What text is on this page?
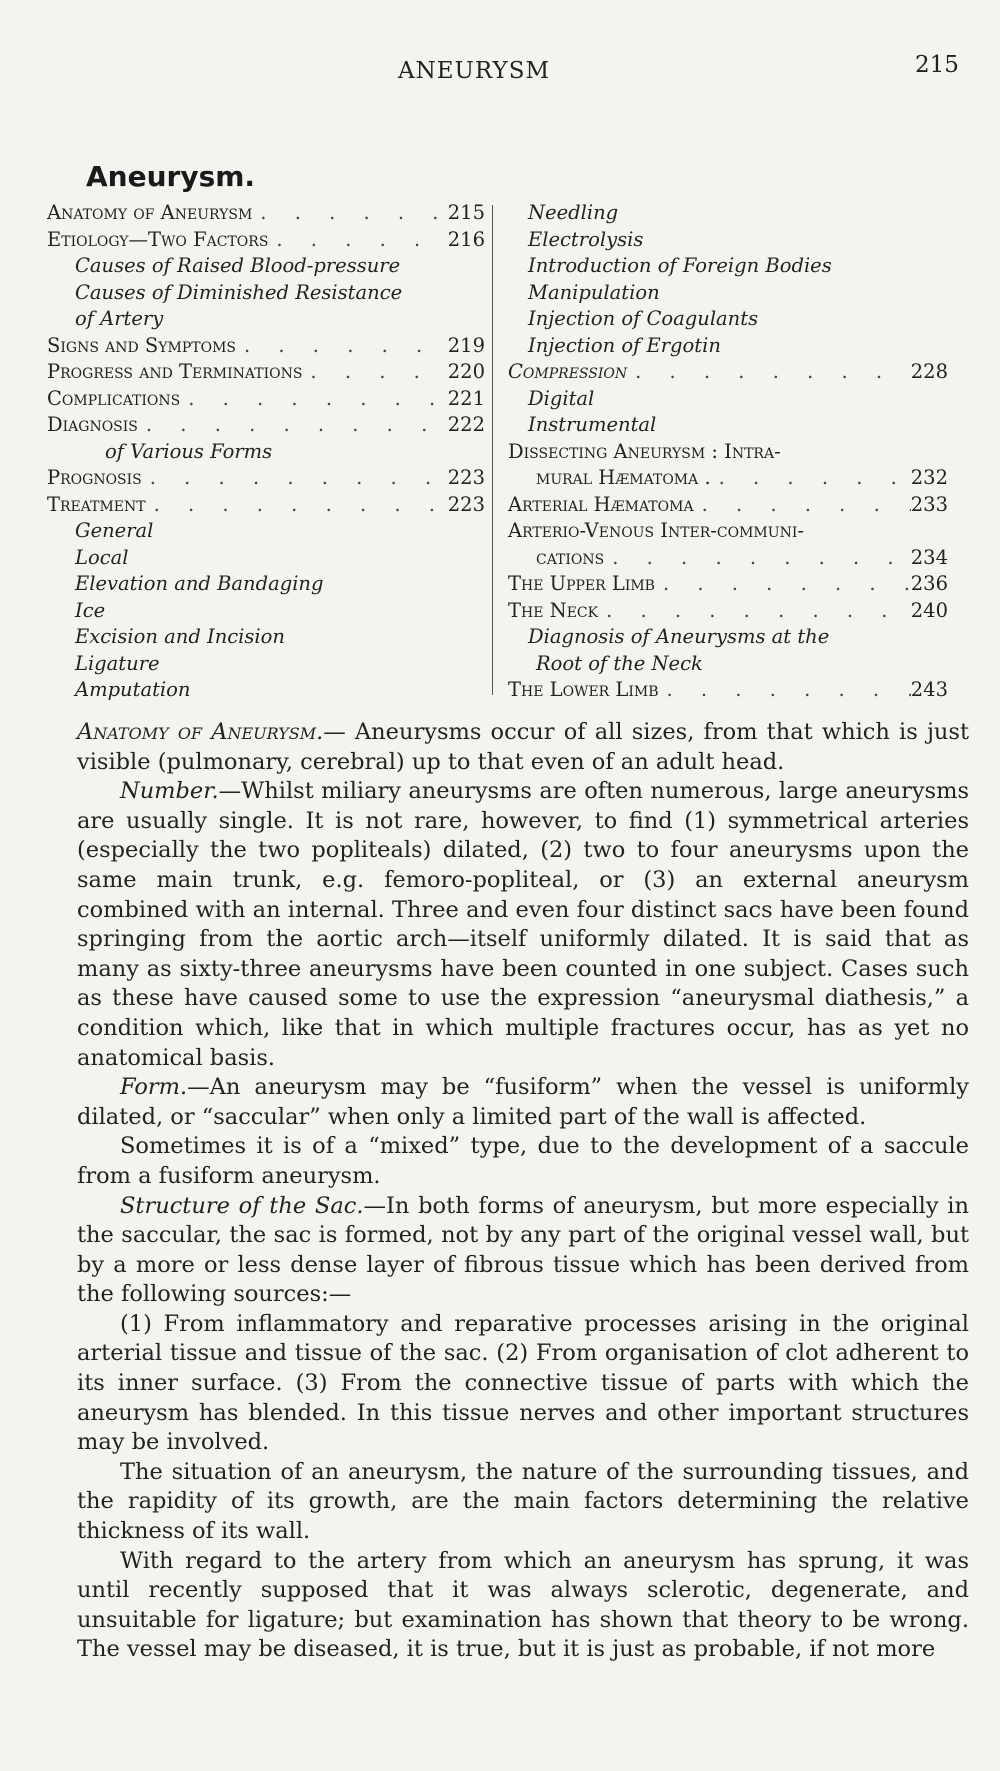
ANEURYSM	215
Aneurysm.
Anatomy of Aneurysm . . .	215
Etiology—Two Factors . . .	216
Causes of Raised Blood-pressure
Causes of Diminished Resistance
of Artery
Signs and Symptoms . . .	219
Progress and Terminations . . .	220
Complications . . .	221
Diagnosis . . .	222
of Various Forms
Prognosis . . .	223
Treatment . . .	223
General
Local
Elevation and Bandaging
Ice
Excision and Incision
Ligature
Amputation
Needling
Electrolysis
Introduction of Foreign Bodies
Manipulation
Injection of Coagulants
Injection of Ergotin
Compression . . .	228
Digital
Instrumental
Dissecting Aneurysm : Intra-
mural Hæmatoma . . . .	232
Arterial Hæmatoma . . .	233
Arterio-Venous Inter-communi-
cations . . .	234
The Upper Limb . . .	236
The Neck . . .	240
Diagnosis of Aneurysms at the
Root of the Neck
The Lower Limb . . .	243

Anatomy of Aneurysm.— Aneurysms occur of all sizes, from that which is just visible (pulmonary, cerebral) up to that even of an adult head.

Number.—Whilst miliary aneurysms are often numerous, large aneurysms are usually single. It is not rare, however, to find (1) symmetrical arteries (especially the two popliteals) dilated, (2) two to four aneurysms upon the same main trunk, e.g. femoro-popliteal, or (3) an external aneurysm combined with an internal. Three and even four distinct sacs have been found springing from the aortic arch—itself uniformly dilated. It is said that as many as sixty-three aneurysms have been counted in one subject. Cases such as these have caused some to use the expression “aneurysmal diathesis,” a condition which, like that in which multiple fractures occur, has as yet no anatomical basis.

Form.—An aneurysm may be “fusiform” when the vessel is uniformly dilated, or “saccular” when only a limited part of the wall is affected.

Sometimes it is of a “mixed” type, due to the development of a saccule from a fusiform aneurysm.

Structure of the Sac.—In both forms of aneurysm, but more especially in the saccular, the sac is formed, not by any part of the original vessel wall, but by a more or less dense layer of fibrous tissue which has been derived from the following sources:—

(1) From inflammatory and reparative processes arising in the original arterial tissue and tissue of the sac. (2) From organisation of clot adherent to its inner surface. (3) From the connective tissue of parts with which the aneurysm has blended. In this tissue nerves and other important structures may be involved.

The situation of an aneurysm, the nature of the surrounding tissues, and the rapidity of its growth, are the main factors determining the relative thickness of its wall.

With regard to the artery from which an aneurysm has sprung, it was until recently supposed that it was always sclerotic, degenerate, and unsuitable for ligature; but examination has shown that theory to be wrong. The vessel may be diseased, it is true, but it is just as probable, if not more
